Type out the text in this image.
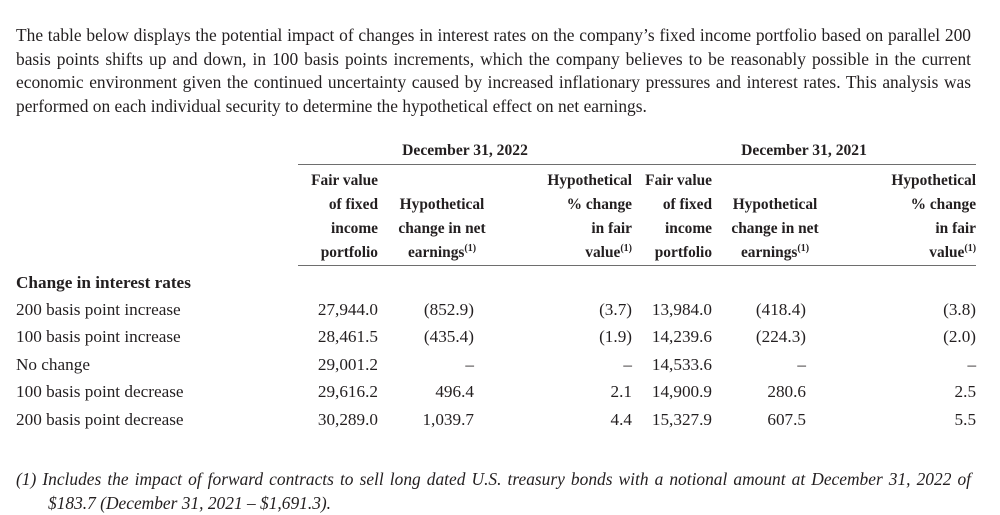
The table below displays the potential impact of changes in interest rates on the company’s fixed income portfolio based on parallel 200 basis points shifts up and down, in 100 basis points increments, which the company believes to be reasonably possible in the current economic environment given the continued uncertainty caused by increased inflationary pressures and interest rates. This analysis was performed on each individual security to determine the hypothetical effect on net earnings.

	December 31, 2022			December 31, 2021		

	Fair value		Hypothetical	Fair value		Hypothetical
	of fixed	Hypothetical	% change	of fixed	Hypothetical	% change
	income	change in net	in fair	income	change in net	in fair
	portfolio	earnings$^{(1)}$	value$^{(1)}$	portfolio	earnings$^{(1)}$	value$^{(1)}$

Change in interest rates						
200 basis point increase	27,944.0	(852.9)	(3.7)	13,984.0	(418.4)	(3.8)
100 basis point increase	28,461.5	(435.4)	(1.9)	14,239.6	(224.3)	(2.0)
No change	29,001.2	–	–	14,533.6	–	–
100 basis point decrease	29,616.2	496.4	2.1	14,900.9	280.6	2.5
200 basis point decrease	30,289.0	1,039.7	4.4	15,327.9	607.5	5.5

(1) Includes the impact of forward contracts to sell long dated U.S. treasury bonds with a notional amount at December 31, 2022 of $183.7 (December 31, 2021 – $1,691.3).
